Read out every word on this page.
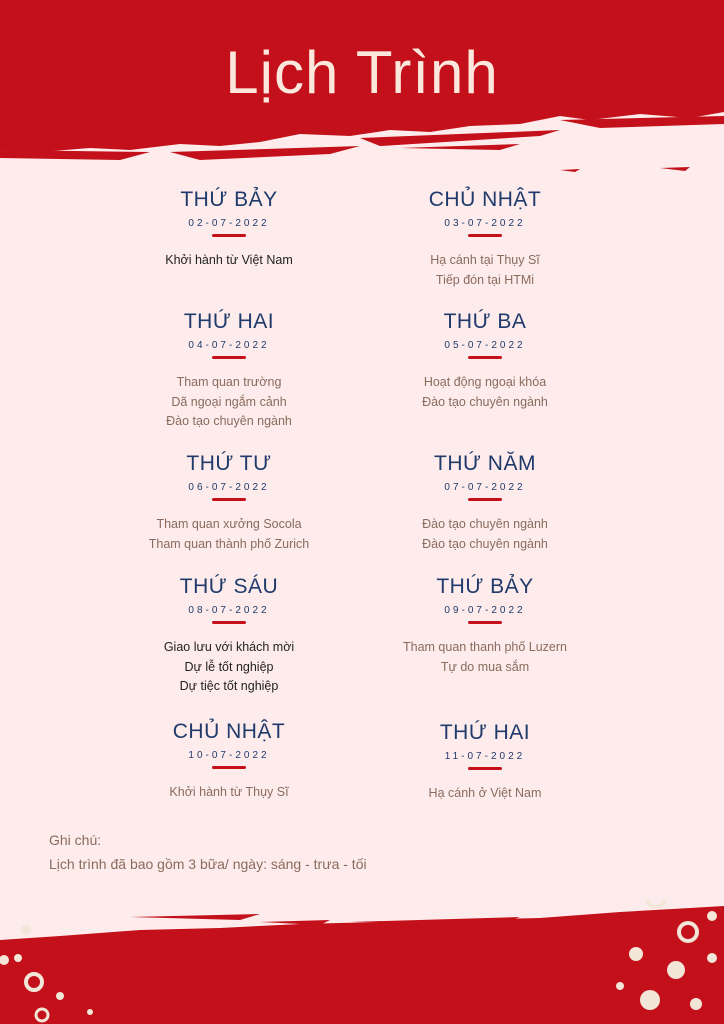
Lịch Trình
THỨ BẢY
02-07-2022
Khởi hành từ Việt Nam
CHỦ NHẬT
03-07-2022
Hạ cánh tại Thụy Sĩ
Tiếp đón tại HTMi
THỨ HAI
04-07-2022
Tham quan trường
Dã ngoại ngắm cảnh
Đào tạo chuyên ngành
THỨ BA
05-07-2022
Hoạt động ngoại khóa
Đào tạo chuyên ngành
THỨ TƯ
06-07-2022
Tham quan xưởng Socola
Tham quan thành phố Zurich
THỨ NĂM
07-07-2022
Đào tạo chuyên ngành
Đào tạo chuyên ngành
THỨ SÁU
08-07-2022
Giao lưu với khách mời
Dự lễ tốt nghiệp
Dự tiệc tốt nghiệp
THỨ BẢY
09-07-2022
Tham quan thanh phố Luzern
Tự do mua sắm
CHỦ NHẬT
10-07-2022
Khởi hành từ Thụy Sĩ
THỨ HAI
11-07-2022
Hạ cánh ở Việt Nam
Ghi chú:
Lịch trình đã bao gồm 3 bữa/ ngày: sáng - trưa - tối
